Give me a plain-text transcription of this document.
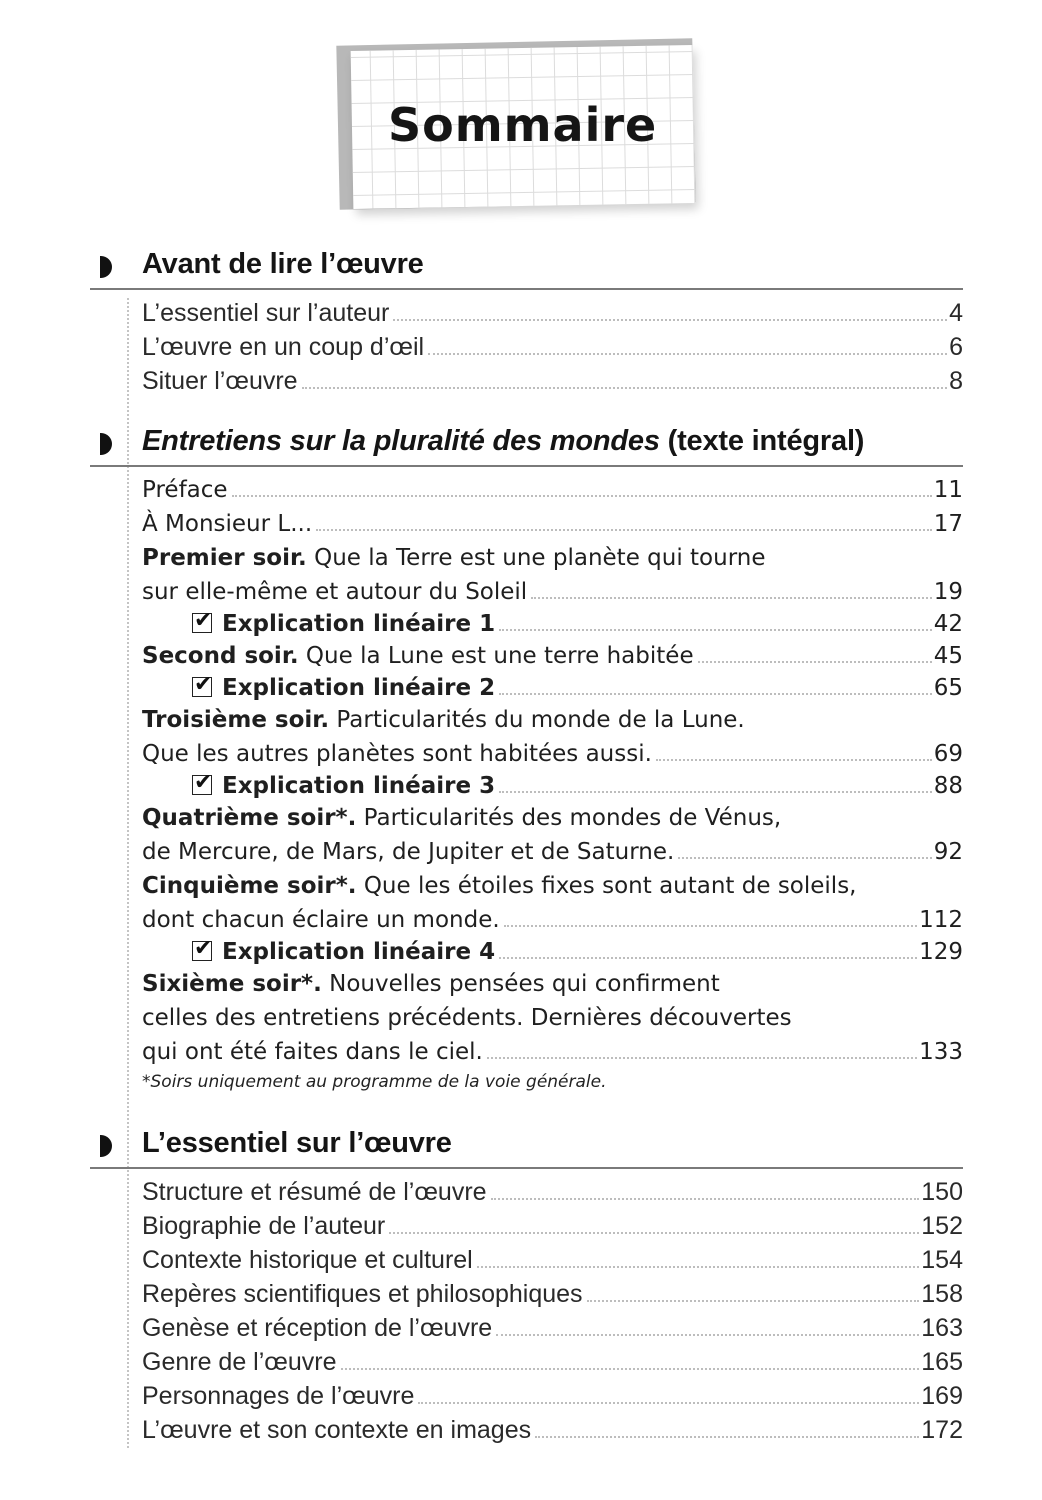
Sommaire
Avant de lire l’œuvre
L’essentiel sur l’auteur	4
L’œuvre en un coup d’œil	6
Situer l’œuvre	8
Entretiens sur la pluralité des mondes (texte intégral)
Préface	11
À Monsieur L...	17
Premier soir. Que la Terre est une planète qui tourne
sur elle-même et autour du Soleil	19
✔Explication linéaire 1	42
Second soir. Que la Lune est une terre habitée	45
✔Explication linéaire 2	65
Troisième soir. Particularités du monde de la Lune.
Que les autres planètes sont habitées aussi.	69
✔Explication linéaire 3	88
Quatrième soir*. Particularités des mondes de Vénus,
de Mercure, de Mars, de Jupiter et de Saturne.	92
Cinquième soir*. Que les étoiles fixes sont autant de soleils,
dont chacun éclaire un monde.	112
✔Explication linéaire 4	129
Sixième soir*. Nouvelles pensées qui confirment
celles des entretiens précédents. Dernières découvertes
qui ont été faites dans le ciel.	133
*Soirs uniquement au programme de la voie générale.
L’essentiel sur l’œuvre
Structure et résumé de l’œuvre	150
Biographie de l’auteur	152
Contexte historique et culturel	154
Repères scientifiques et philosophiques	158
Genèse et réception de l’œuvre	163
Genre de l’œuvre	165
Personnages de l’œuvre	169
L’œuvre et son contexte en images	172
